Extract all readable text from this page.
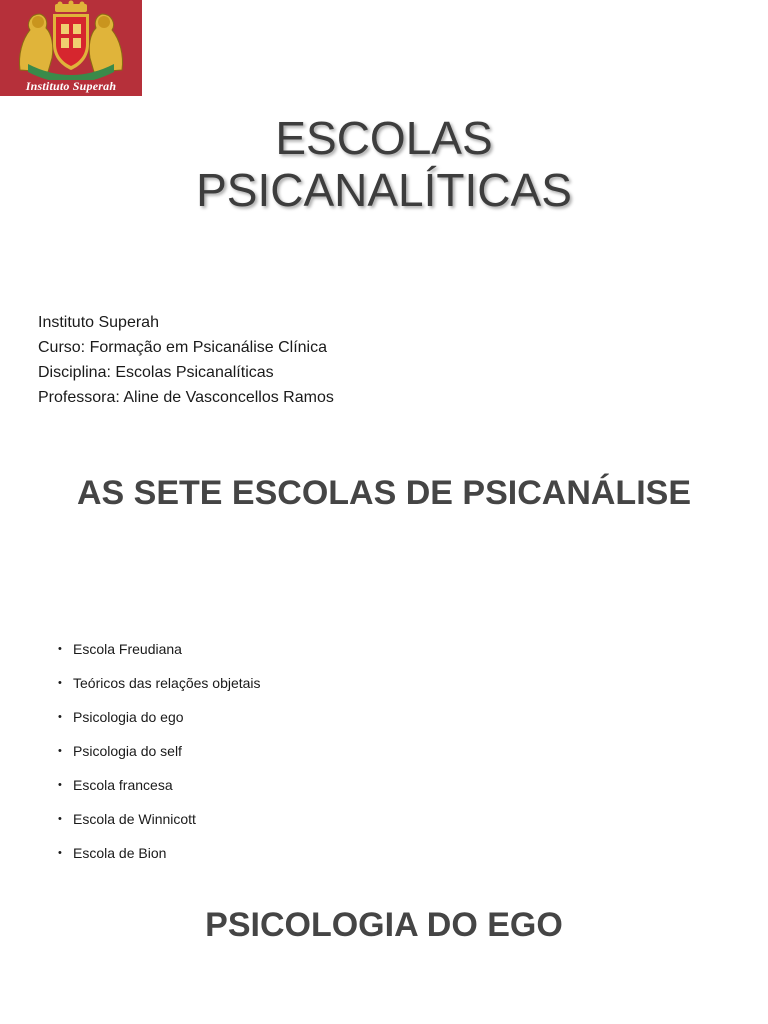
Instituto Superah
ESCOLAS
PSICANALÍTICAS
Instituto Superah
Curso: Formação em Psicanálise Clínica
Disciplina: Escolas Psicanalíticas
Professora: Aline de Vasconcellos Ramos
AS SETE ESCOLAS DE PSICANÁLISE
• Escola Freudiana
• Teóricos das relações objetais
• Psicologia do ego
• Psicologia do self
• Escola francesa
• Escola de Winnicott
• Escola de Bion
PSICOLOGIA DO EGO
